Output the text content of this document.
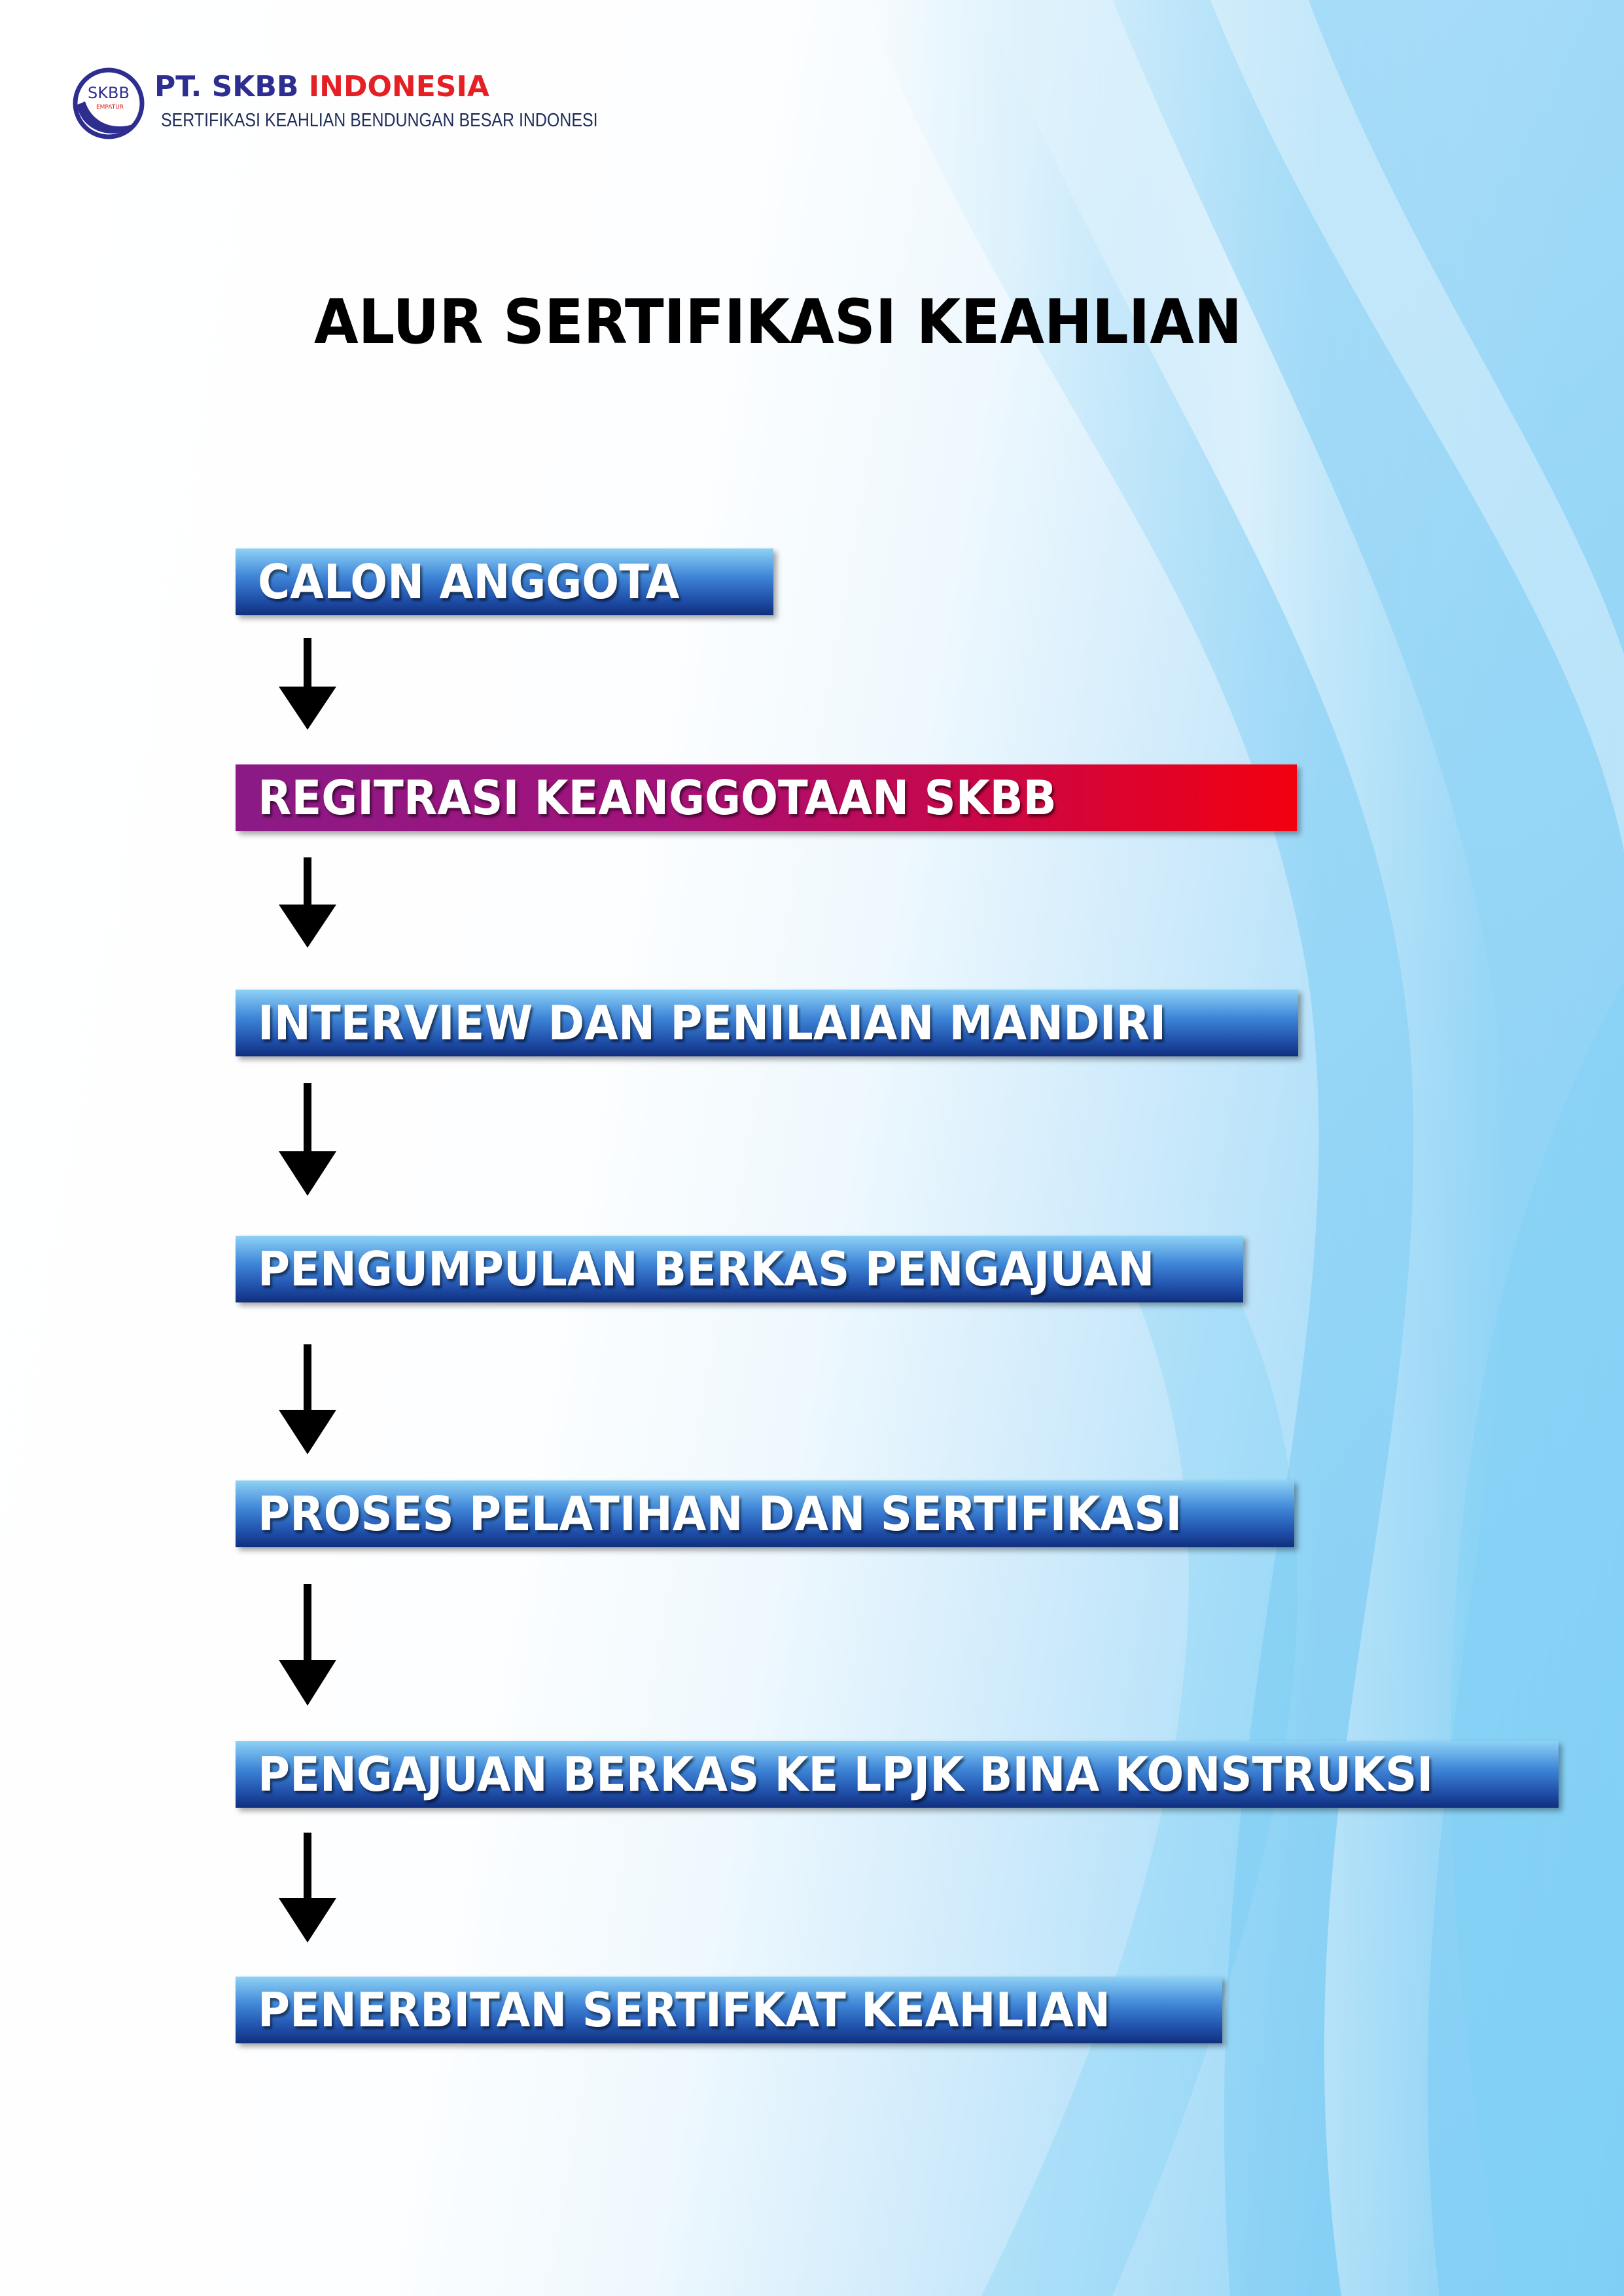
SKBB
EMPATUR
PT. SKBB INDONESIA
SERTIFIKASI KEAHLIAN BENDUNGAN BESAR INDONESI
ALUR SERTIFIKASI KEAHLIAN
CALON ANGGOTA
REGITRASI KEANGGOTAAN SKBB
INTERVIEW DAN PENILAIAN MANDIRI
PENGUMPULAN BERKAS PENGAJUAN
PROSES PELATIHAN DAN SERTIFIKASI
PENGAJUAN BERKAS KE LPJK BINA KONSTRUKSI
PENERBITAN SERTIFKAT KEAHLIAN
